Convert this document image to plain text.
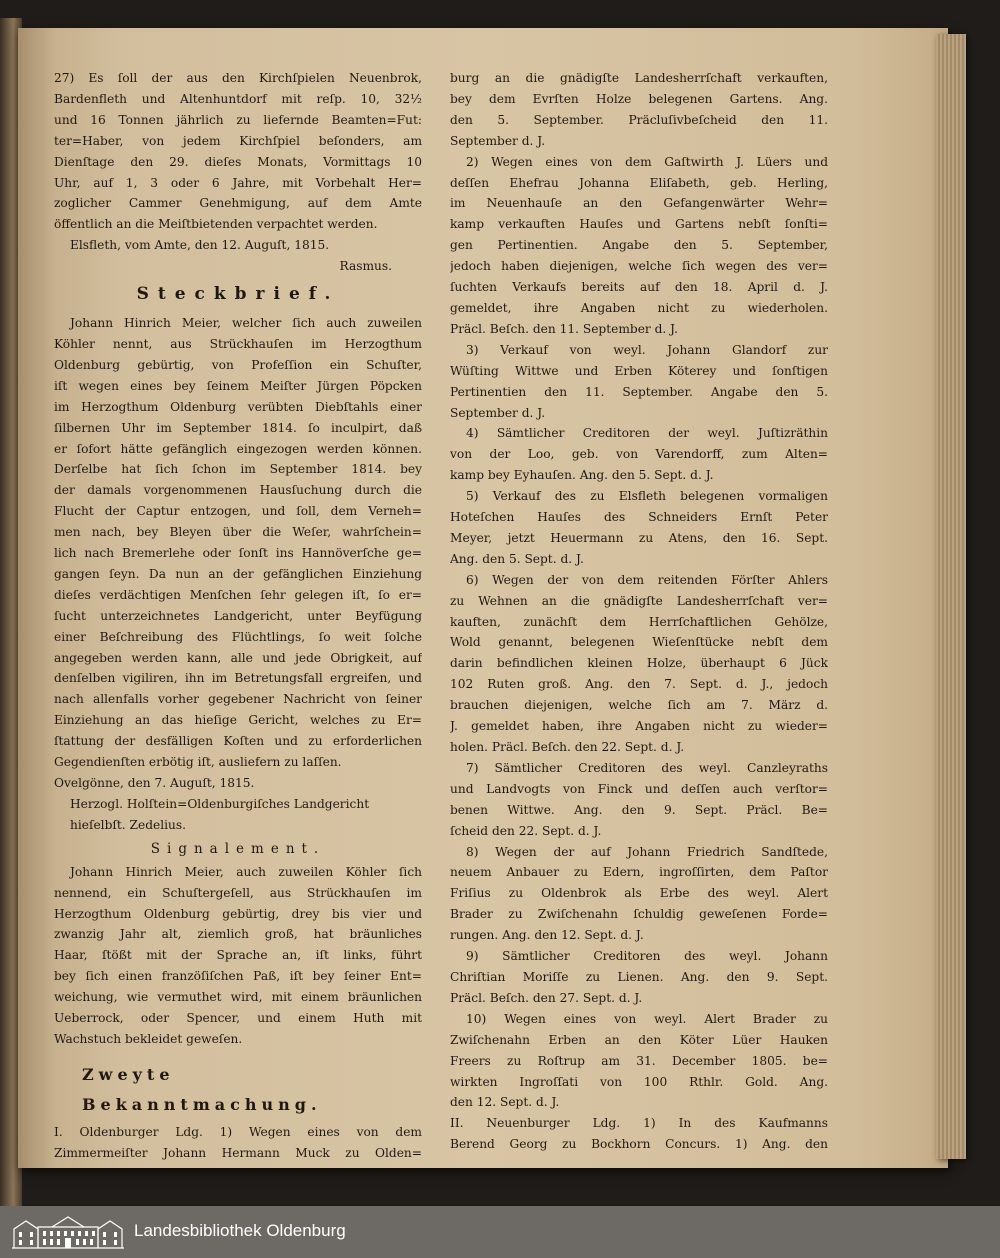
27) Es ſoll der aus den Kirchſpielen Neuenbrok,
Bardenfleth und Altenhuntdorf mit reſp. 10, 32½
und 16 Tonnen jährlich zu liefernde Beamten=Fut:
ter=Haber, von jedem Kirchſpiel beſonders, am
Dienſtage den 29. dieſes Monats, Vormittags 10
Uhr, auf 1, 3 oder 6 Jahre, mit Vorbehalt Her=
zoglicher Cammer Genehmigung, auf dem Amte
öffentlich an die Meiſtbietenden verpachtet werden.
Elsfleth, vom Amte, den 12. Auguſt, 1815.
Rasmus.
Steckbrief.
Johann Hinrich Meier, welcher ſich auch zuweilen
Köhler nennt, aus Strückhauſen im Herzogthum
Oldenburg gebürtig, von Profeſſion ein Schuſter,
iſt wegen eines bey ſeinem Meiſter Jürgen Pöpcken
im Herzogthum Oldenburg verübten Diebſtahls einer
ſilbernen Uhr im September 1814. ſo inculpirt, daß
er ſofort hätte gefänglich eingezogen werden können.
Derſelbe hat ſich ſchon im September 1814. bey
der damals vorgenommenen Hausſuchung durch die
Flucht der Captur entzogen, und ſoll, dem Verneh=
men nach, bey Bleyen über die Weſer, wahrſchein=
lich nach Bremerlehe oder ſonſt ins Hannöverſche ge=
gangen ſeyn. Da nun an der gefänglichen Einziehung
dieſes verdächtigen Menſchen ſehr gelegen iſt, ſo er=
ſucht unterzeichnetes Landgericht, unter Beyfügung
einer Beſchreibung des Flüchtlings, ſo weit ſolche
angegeben werden kann, alle und jede Obrigkeit, auf
denſelben vigiliren, ihn im Betretungsfall ergreifen, und
nach allenfalls vorher gegebener Nachricht von ſeiner
Einziehung an das hieſige Gericht, welches zu Er=
ſtattung der desfälligen Koſten und zu erforderlichen
Gegendienſten erbötig iſt, ausliefern zu laſſen.
Ovelgönne, den 7. Auguſt, 1815.
Herzogl. Holſtein=Oldenburgiſches Landgericht
hieſelbſt. Zedelius.
Signalement.
Johann Hinrich Meier, auch zuweilen Köhler ſich
nennend, ein Schuſtergeſell, aus Strückhauſen im
Herzogthum Oldenburg gebürtig, drey bis vier und
zwanzig Jahr alt, ziemlich groß, hat bräunliches
Haar, ſtößt mit der Sprache an, iſt links, führt
bey ſich einen franzöſiſchen Paß, iſt bey ſeiner Ent=
weichung, wie vermuthet wird, mit einem bräunlichen
Ueberrock, oder Spencer, und einem Huth mit
Wachstuch bekleidet geweſen.
Zweyte Bekanntmachung.
I. Oldenburger Ldg. 1) Wegen eines von dem
Zimmermeiſter Johann Hermann Muck zu Olden=
burg an die gnädigſte Landesherrſchaft verkauften,
bey dem Evrſten Holze belegenen Gartens. Ang.
den 5. September. Präcluſivbeſcheid den 11.
September d. J.
2) Wegen eines von dem Gaſtwirth J. Lüers und
deſſen Ehefrau Johanna Eliſabeth, geb. Herling,
im Neuenhauſe an den Gefangenwärter Wehr=
kamp verkauften Hauſes und Gartens nebſt ſonſti=
gen Pertinentien. Angabe den 5. September,
jedoch haben diejenigen, welche ſich wegen des ver=
ſuchten Verkaufs bereits auf den 18. April d. J.
gemeldet, ihre Angaben nicht zu wiederholen.
Präcl. Beſch. den 11. September d. J.
3) Verkauf von weyl. Johann Glandorf zur
Wüſting Wittwe und Erben Köterey und ſonſtigen
Pertinentien den 11. September. Angabe den 5.
September d. J.
4) Sämtlicher Creditoren der weyl. Juſtizräthin
von der Loo, geb. von Varendorff, zum Alten=
kamp bey Eyhauſen. Ang. den 5. Sept. d. J.
5) Verkauf des zu Elsfleth belegenen vormaligen
Hoteſchen Hauſes des Schneiders Ernſt Peter
Meyer, jetzt Heuermann zu Atens, den 16. Sept.
Ang. den 5. Sept. d. J.
6) Wegen der von dem reitenden Förſter Ahlers
zu Wehnen an die gnädigſte Landesherrſchaft ver=
kauften, zunächſt dem Herrſchaftlichen Gehölze,
Wold genannt, belegenen Wieſenſtücke nebſt dem
darin befindlichen kleinen Holze, überhaupt 6 Jück
102 Ruten groß. Ang. den 7. Sept. d. J., jedoch
brauchen diejenigen, welche ſich am 7. März d.
J. gemeldet haben, ihre Angaben nicht zu wieder=
holen. Präcl. Beſch. den 22. Sept. d. J.
7) Sämtlicher Creditoren des weyl. Canzleyraths
und Landvogts von Finck und deſſen auch verſtor=
benen Wittwe. Ang. den 9. Sept. Präcl. Be=
ſcheid den 22. Sept. d. J.
8) Wegen der auf Johann Friedrich Sandſtede,
neuem Anbauer zu Edern, ingroſſirten, dem Paſtor
Friſius zu Oldenbrok als Erbe des weyl. Alert
Brader zu Zwiſchenahn ſchuldig geweſenen Forde=
rungen. Ang. den 12. Sept. d. J.
9) Sämtlicher Creditoren des weyl. Johann
Chriſtian Moriſſe zu Lienen. Ang. den 9. Sept.
Präcl. Beſch. den 27. Sept. d. J.
10) Wegen eines von weyl. Alert Brader zu
Zwiſchenahn Erben an den Köter Lüer Hauken
Freers zu Roſtrup am 31. December 1805. be=
wirkten Ingroſſati von 100 Rthlr. Gold. Ang.
den 12. Sept. d. J.
II. Neuenburger Ldg. 1) In des Kaufmanns
Berend Georg zu Bockhorn Concurs. 1) Ang. den
Landesbibliothek Oldenburg
